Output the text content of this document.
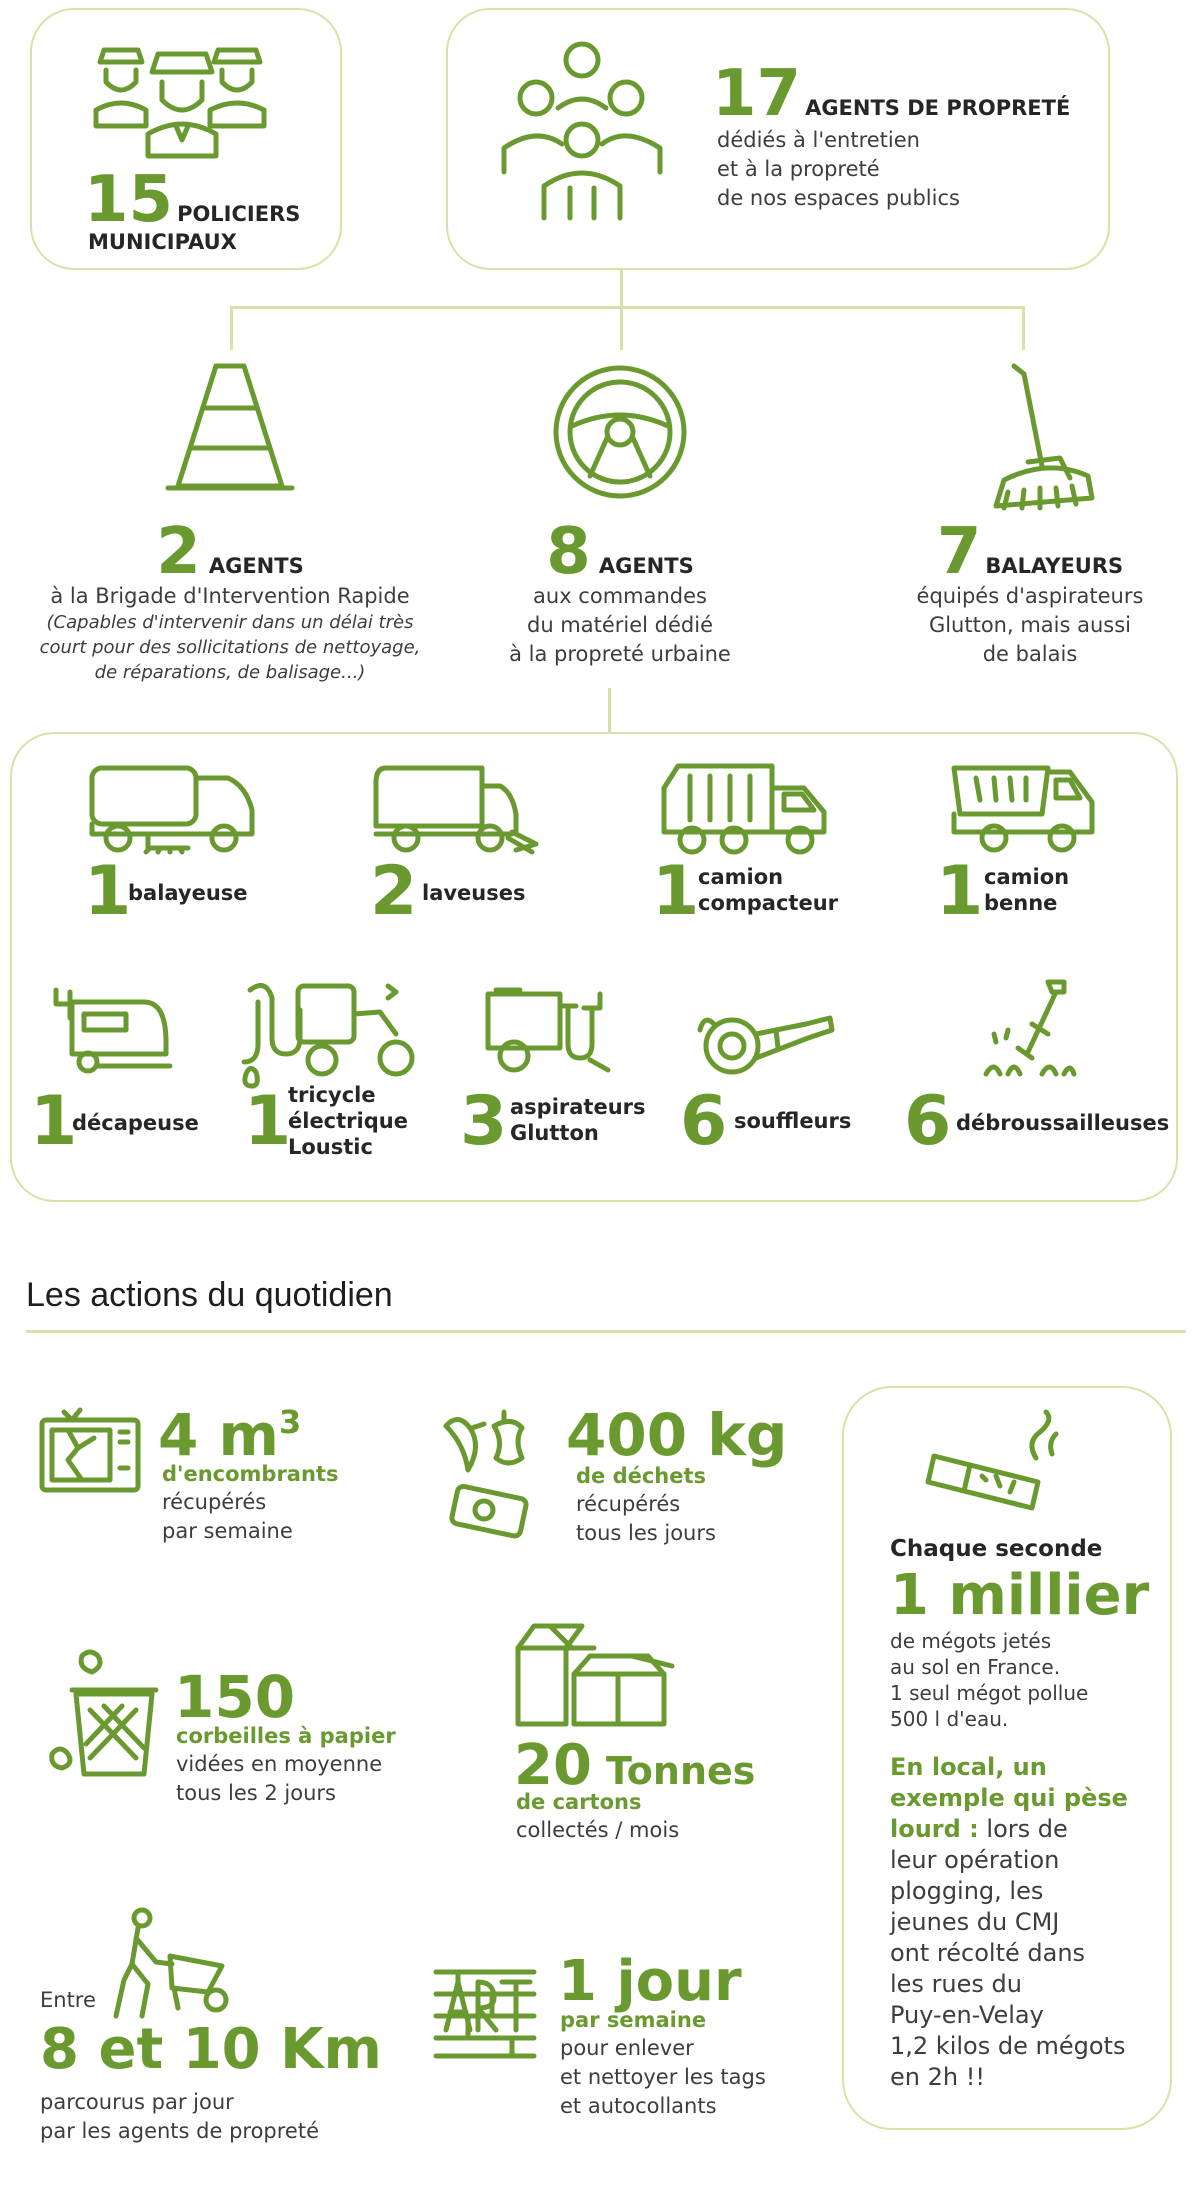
15 POLICIERS
MUNICIPAUX
17 AGENTS DE PROPRETÉ
dédiés à l'entretien
et à la propreté
de nos espaces publics
2 AGENTS
à la Brigade d'Intervention Rapide
(Capables d'intervenir dans un délai très
court pour des sollicitations de nettoyage,
de réparations, de balisage...)
8 AGENTS
aux commandes
du matériel dédié
à la propreté urbaine
7 BALAYEURS
équipés d'aspirateurs
Glutton, mais aussi
de balais
1
balayeuse 2 laveuses 1
camion
compacteur 1 camion
benne
1
décapeuse 1
tricycle
électrique
Loustic 3 aspirateurs
Glutton 6 souffleurs 6 débroussailleuses
Les actions du quotidien
4 m3
d'encombrants
récupérés
par semaine
400 kg
de déchets
récupérés
tous les jours
150
corbeilles à papier
vidées en moyenne
tous les 2 jours	20 Tonnes
de cartons
collectés / mois
Entre
8 et 10 Km
parcourus par jour
par les agents de propreté
1 jour
par semaine
pour enlever
et nettoyer les tags
et autocollants
Chaque seconde
1 millier
de mégots jetés
au sol en France.
1 seul mégot pollue
500 l d'eau.
En local, un
exemple qui pèse
lourd : lors de
leur opération
plogging, les
jeunes du CMJ
ont récolté dans
les rues du
Puy-en-Velay
1,2 kilos de mégots
en 2h !!
